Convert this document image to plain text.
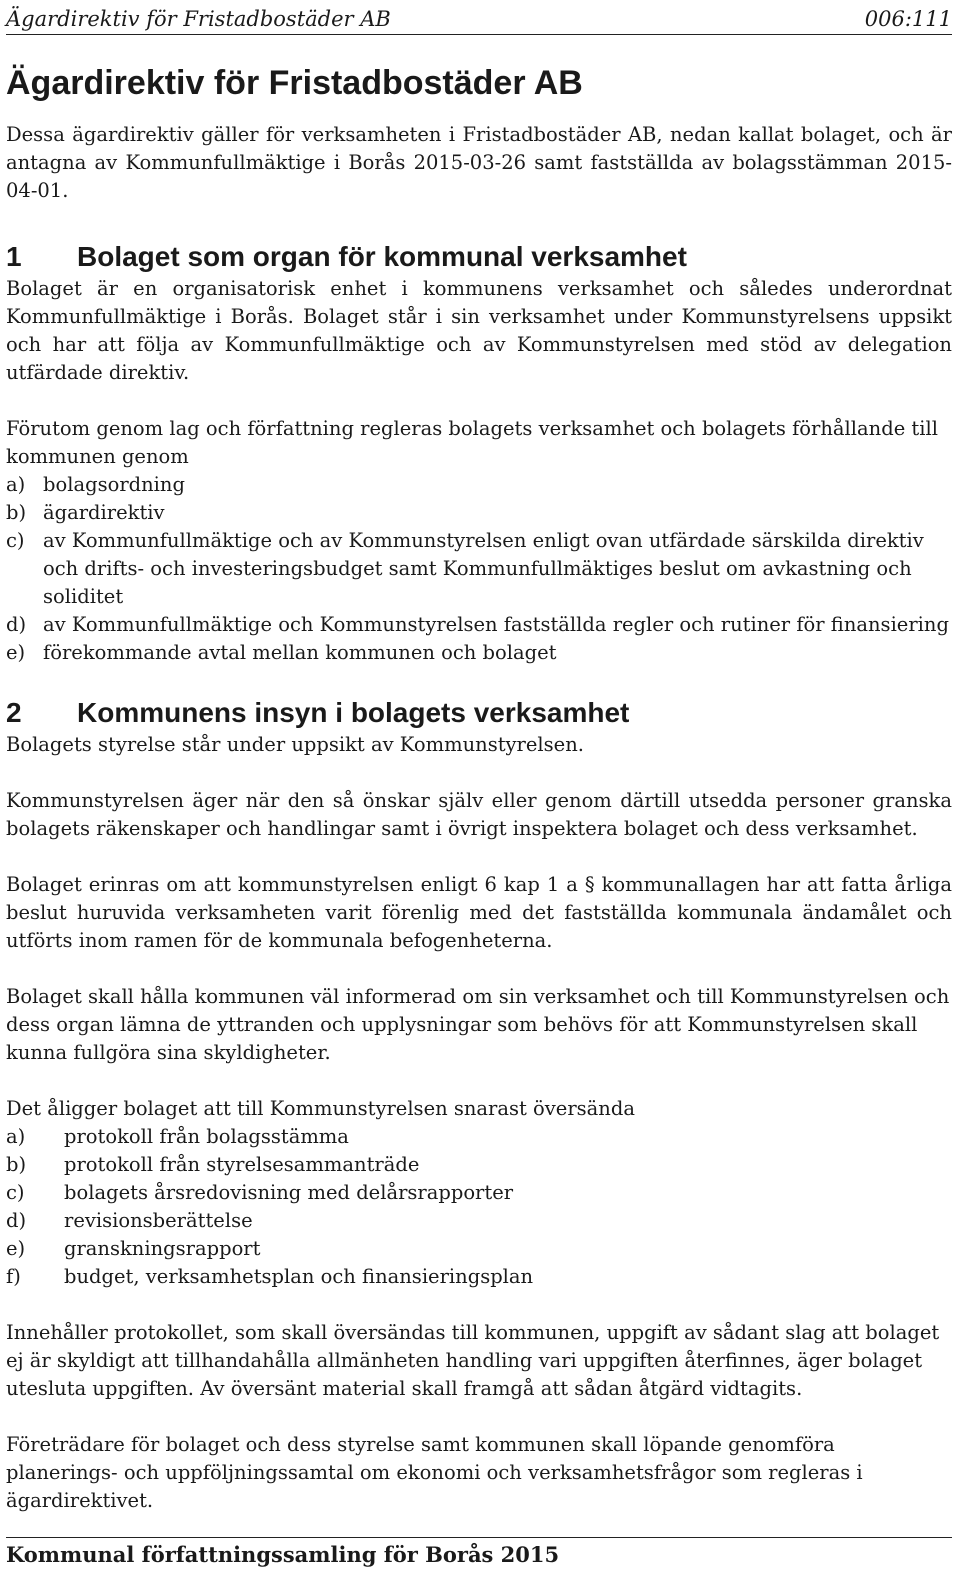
Ägardirektiv för Fristadbostäder AB	006:111
Ägardirektiv för Fristadbostäder AB

Dessa ägardirektiv gäller för verksamheten i Fristadbostäder AB, nedan kallat bolaget, och är antagna av Kommunfullmäktige i Borås 2015-03-26 samt fastställda av bolagsstämman 2015-04-01.

1	Bolaget som organ för kommunal verksamhet

Bolaget är en organisatorisk enhet i kommunens verksamhet och således underordnat Kommunfullmäktige i Borås. Bolaget står i sin verksamhet under Kommunstyrelsens uppsikt och har att följa av Kommunfullmäktige och av Kommunstyrelsen med stöd av delegation utfärdade direktiv.

Förutom genom lag och författning regleras bolagets verksamhet och bolagets förhållande till kommunen genom

a) bolagsordning
b) ägardirektiv
c) av Kommunfullmäktige och av Kommunstyrelsen enligt ovan utfärdade särskilda direktiv och drifts- och investeringsbudget samt Kommunfullmäktiges beslut om avkastning och soliditet
d) av Kommunfullmäktige och Kommunstyrelsen fastställda regler och rutiner för finansiering
e) förekommande avtal mellan kommunen och bolaget
2	Kommunens insyn i bolagets verksamhet

Bolagets styrelse står under uppsikt av Kommunstyrelsen.

Kommunstyrelsen äger när den så önskar själv eller genom därtill utsedda personer granska bolagets räkenskaper och handlingar samt i övrigt inspektera bolaget och dess verksamhet.

Bolaget erinras om att kommunstyrelsen enligt 6 kap 1 a § kommunallagen har att fatta årliga beslut huruvida verksamheten varit förenlig med det fastställda kommunala ändamålet och utförts inom ramen för de kommunala befogenheterna.

Bolaget skall hålla kommunen väl informerad om sin verksamhet och till Kommunstyrelsen och dess organ lämna de yttranden och upplysningar som behövs för att Kommunstyrelsen skall kunna fullgöra sina skyldigheter.

Det åligger bolaget att till Kommunstyrelsen snarast översända

a)	protokoll från bolagsstämma
b)	protokoll från styrelsesammanträde
c)	bolagets årsredovisning med delårsrapporter
d)	revisionsberättelse
e)	granskningsrapport
f)	budget, verksamhetsplan och finansieringsplan

Innehåller protokollet, som skall översändas till kommunen, uppgift av sådant slag att bolaget ej är skyldigt att tillhandahålla allmänheten handling vari uppgiften återfinnes, äger bolaget utesluta uppgiften. Av översänt material skall framgå att sådan åtgärd vidtagits.

Företrädare för bolaget och dess styrelse samt kommunen skall löpande genomföra planerings- och uppföljningssamtal om ekonomi och verksamhetsfrågor som regleras i ägardirektivet.

Kommunal författningssamling för Borås 2015
